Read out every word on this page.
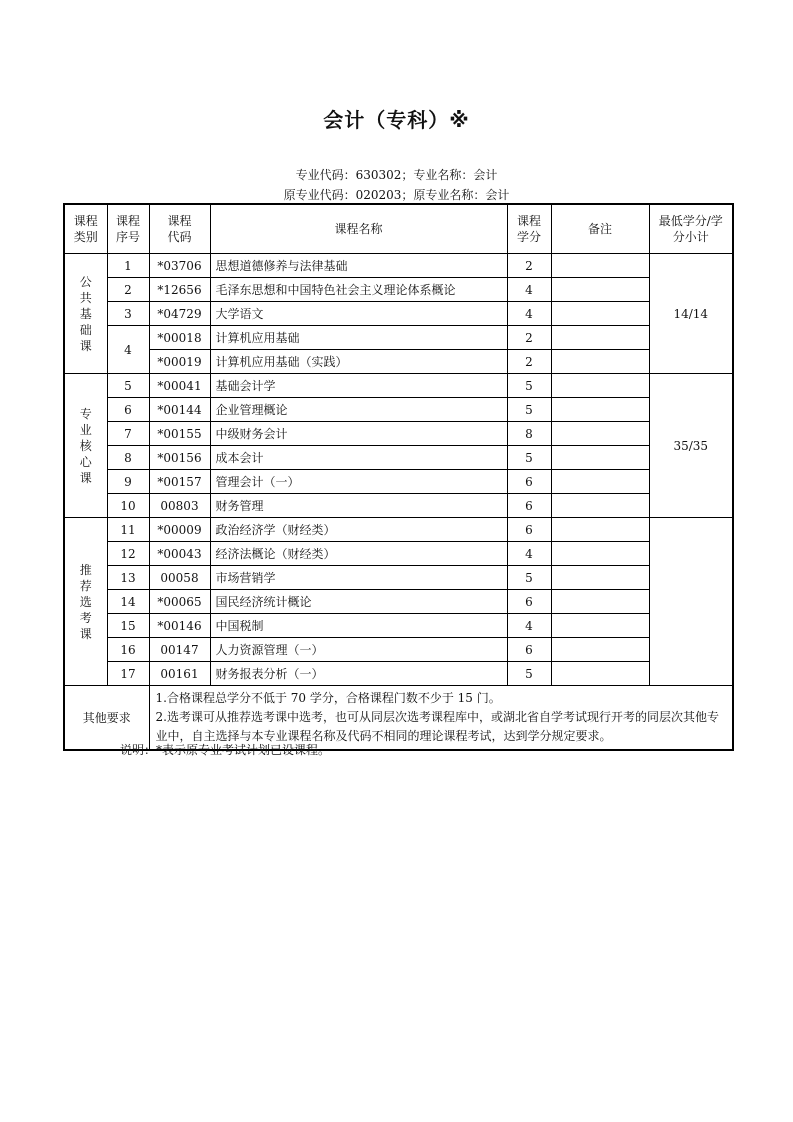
会计（专科）※
专业代码：630302；专业名称：会计
原专业代码：020203；原专业名称：会计
课程类别	课程序号	课程代码	课程名称	课程学分	备注	最低学分/学分小计

公共基础课	1	*03706	思想道德修养与法律基础	2		14/14
	2	*12656	毛泽东思想和中国特色社会主义理论体系概论	4		
	3	*04729	大学语文	4		
	4	*00018	计算机应用基础	2		
		*00019	计算机应用基础（实践）	2		

专业核心课	5	*00041	基础会计学	5		35/35
	6	*00144	企业管理概论	5		
	7	*00155	中级财务会计	8		
	8	*00156	成本会计	5		
	9	*00157	管理会计（一）	6		
	10	00803	财务管理	6		

推荐选考课	11	*00009	政治经济学（财经类）	6		
	12	*00043	经济法概论（财经类）	4		
	13	00058	市场营销学	5		
	14	*00065	国民经济统计概论	6		
	15	*00146	中国税制	4		
	16	00147	人力资源管理（一）	6		
	17	00161	财务报表分析（一）	5		
其他要求		1.合格课程总学分不低于 70 学分，合格课程门数不少于 15 门。
2.选考课可从推荐选考课中选考，也可从同层次选考课程库中，或湖北省自学考试现行开考的同层次其他专业中，自主选择与本专业课程名称及代码不相同的理论课程考试，达到学分规定要求。				
说明：*表示原专业考试计划已设课程。
